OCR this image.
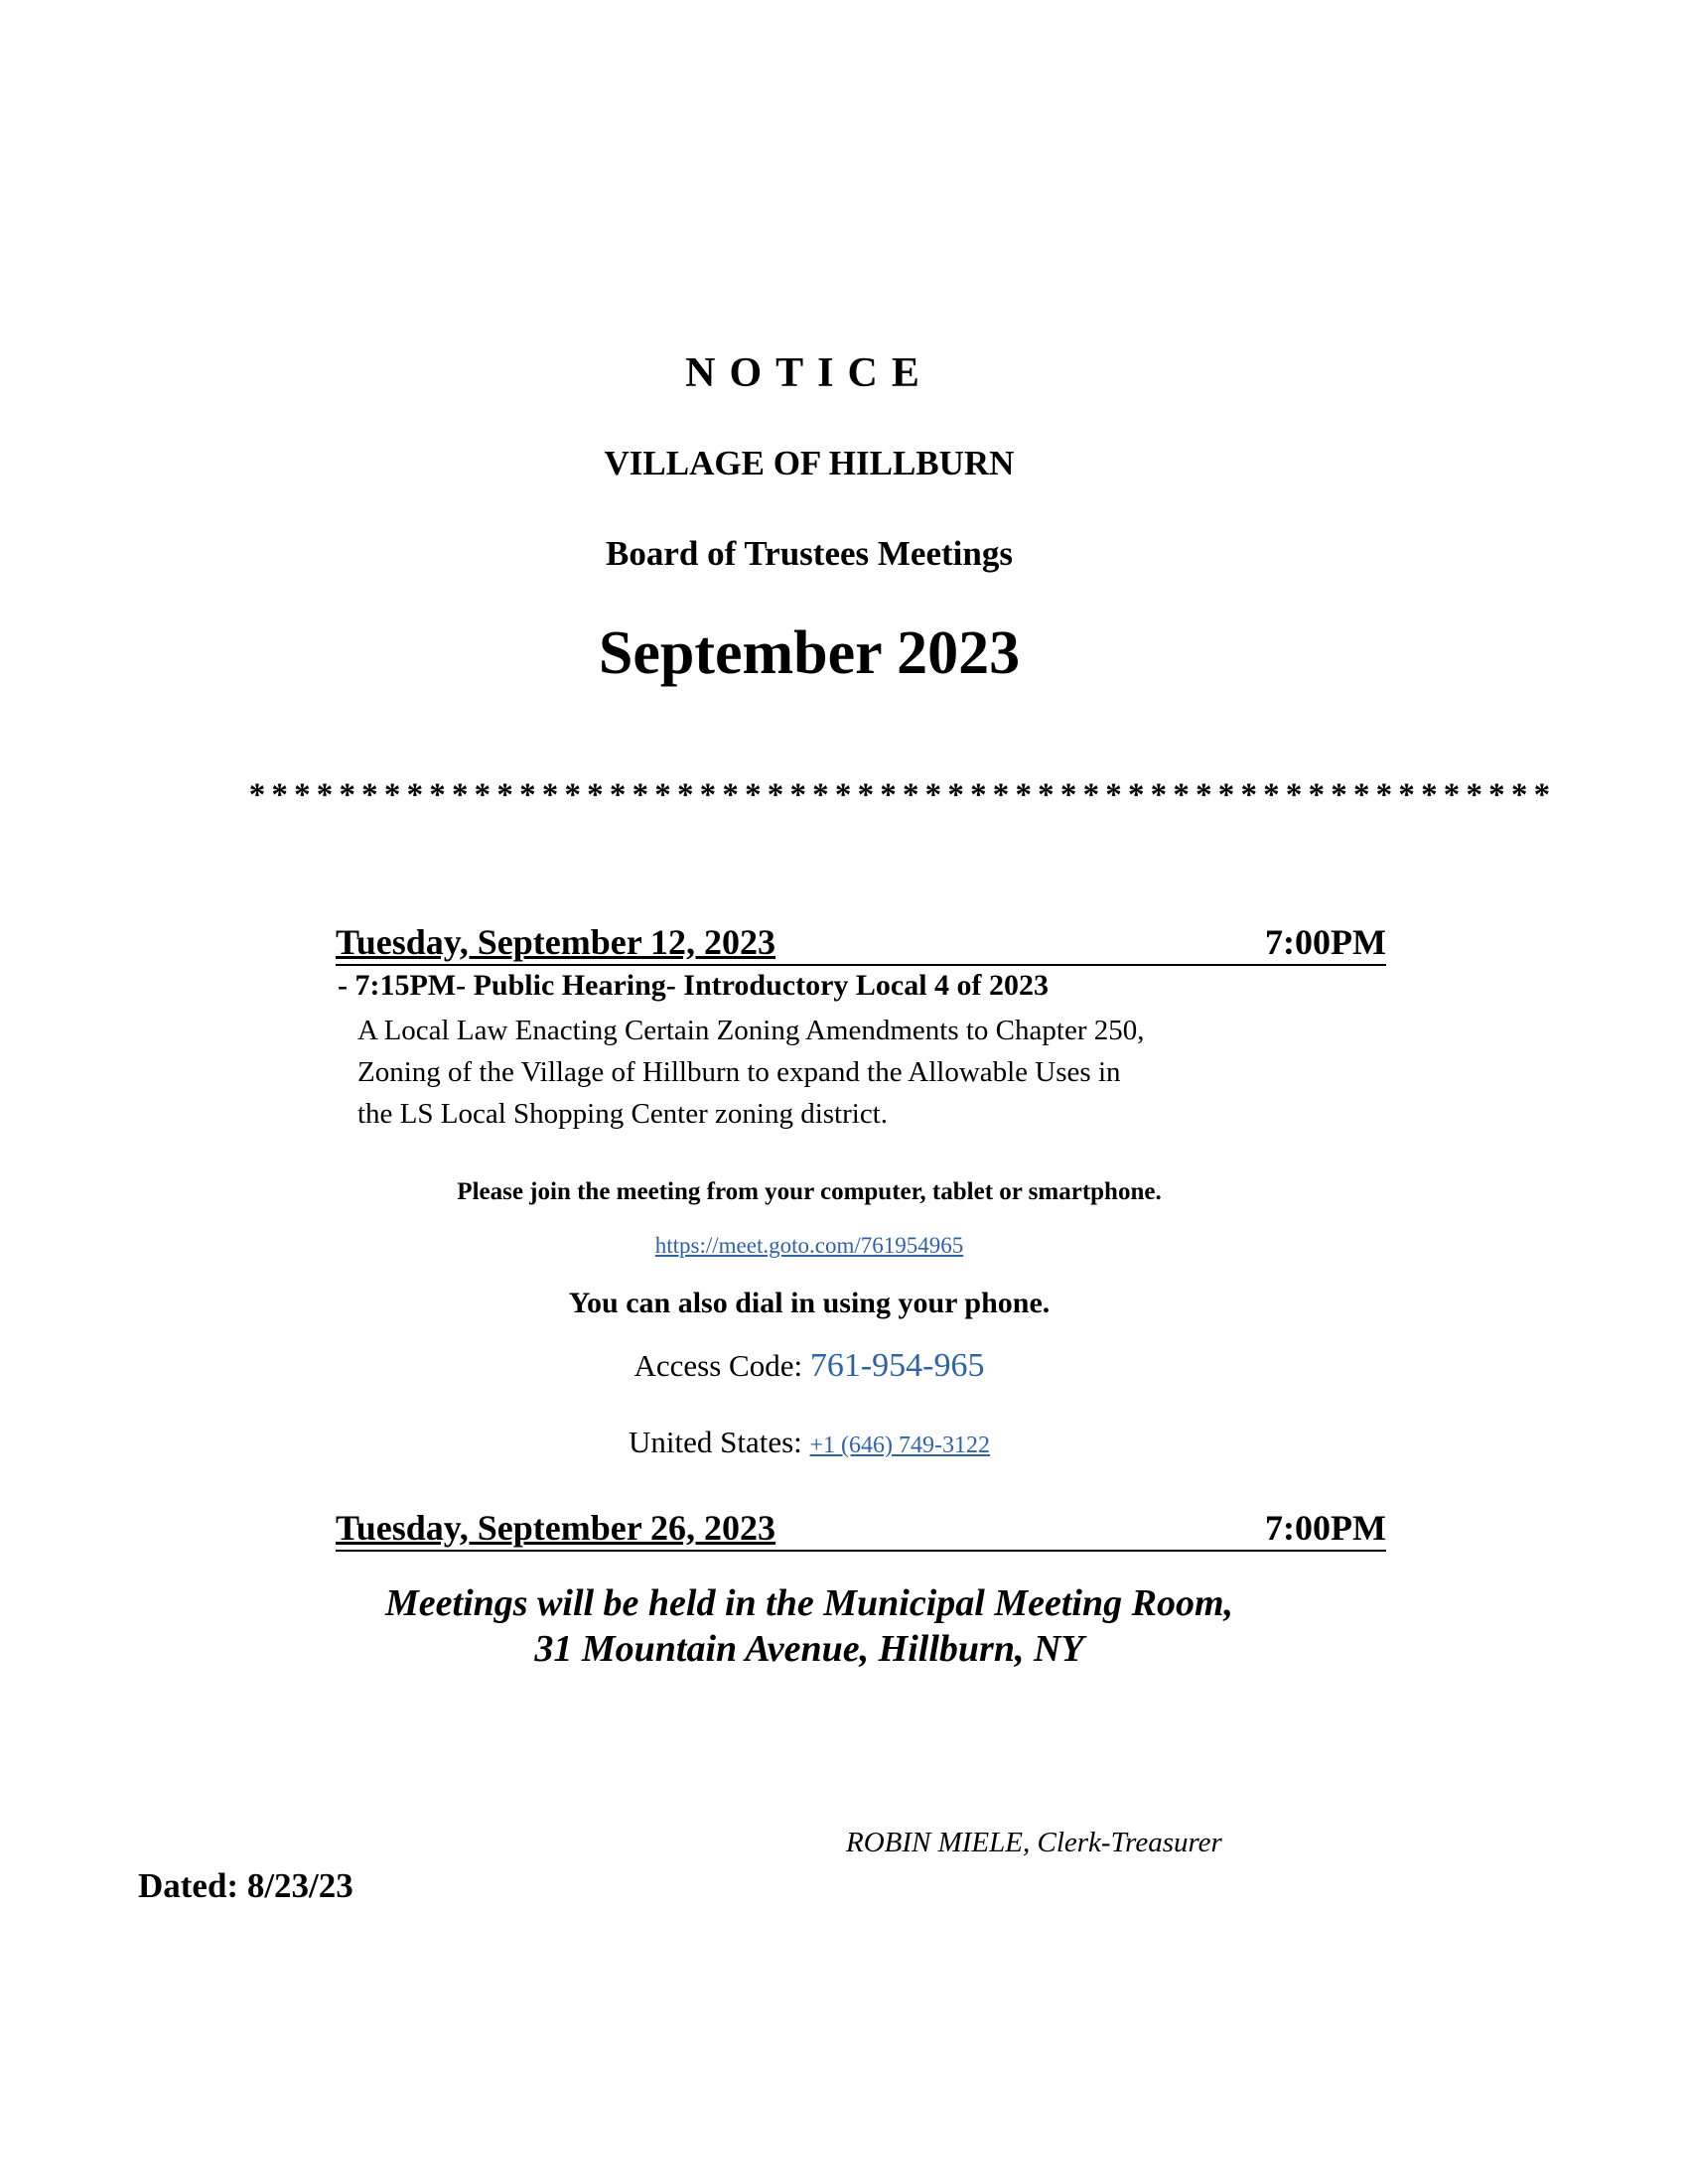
NOTICE
VILLAGE OF HILLBURN
Board of Trustees Meetings
September 2023
**********************************************************
Tuesday, September 12, 2023	7:00PM
- 7:15PM- Public Hearing- Introductory Local 4 of 2023
A Local Law Enacting Certain Zoning Amendments to Chapter 250,
Zoning of the Village of Hillburn to expand the Allowable Uses in
the LS Local Shopping Center zoning district.
Please join the meeting from your computer, tablet or smartphone.
https://meet.goto.com/761954965
You can also dial in using your phone.
Access Code: 761-954-965
United States: +1 (646) 749-3122
Tuesday, September 26, 2023	7:00PM
Meetings will be held in the Municipal Meeting Room,
31 Mountain Avenue, Hillburn, NY
ROBIN MIELE, Clerk-Treasurer
Dated: 8/23/23
